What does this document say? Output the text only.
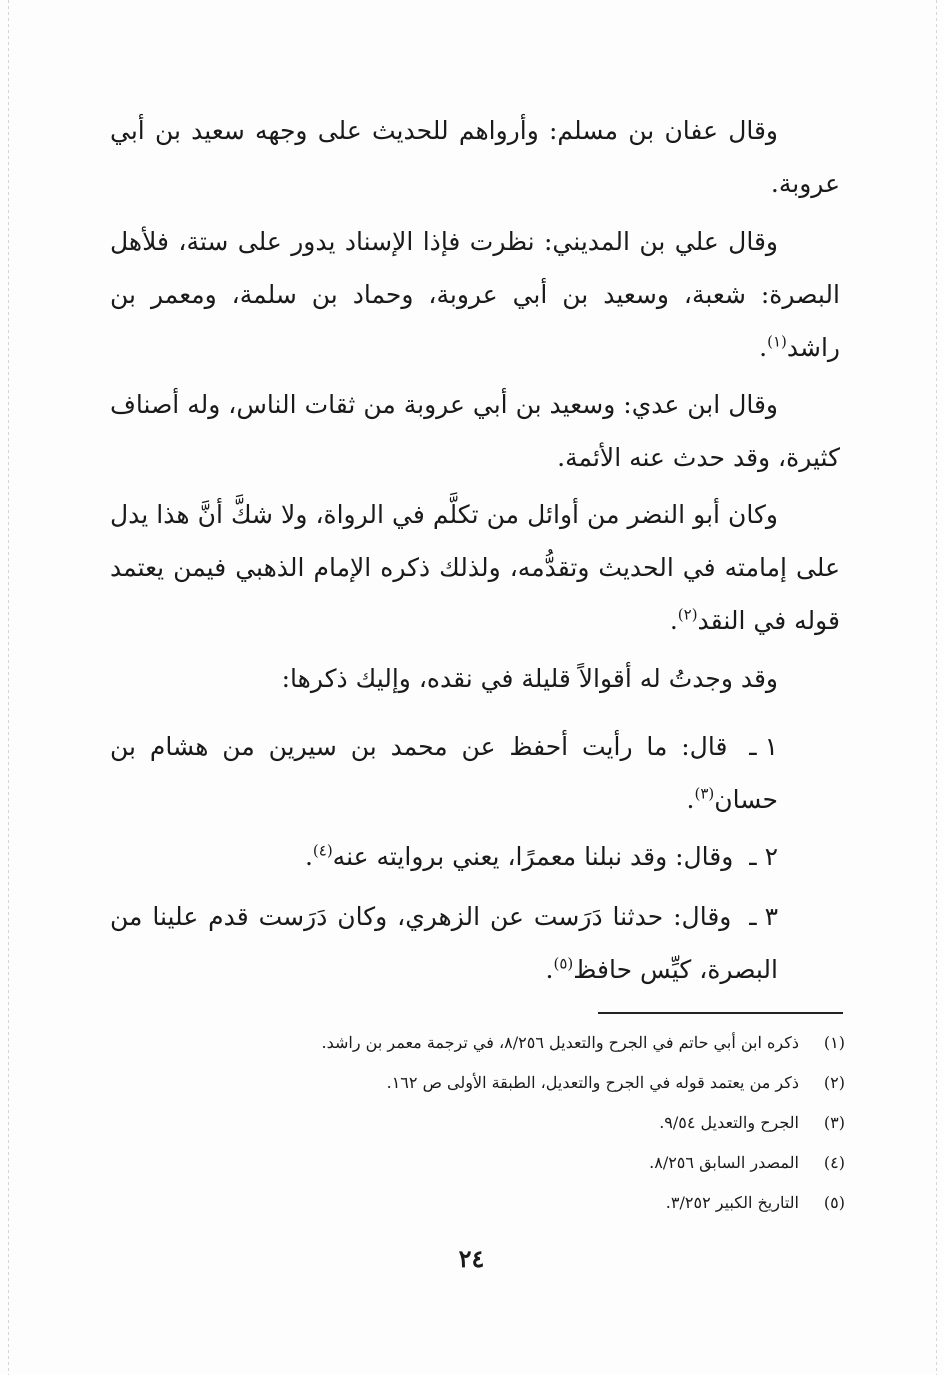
وقال عفان بن مسلم: وأرواهم للحديث على وجهه سعيد بن أبي عروبة.

وقال علي بن المديني: نظرت فإذا الإسناد يدور على ستة، فلأهل البصرة: شعبة، وسعيد بن أبي عروبة، وحماد بن سلمة، ومعمر بن راشد$^{(١)}$.

وقال ابن عدي: وسعيد بن أبي عروبة من ثقات الناس، وله أصناف كثيرة، وقد حدث عنه الأئمة.

وكان أبو النضر من أوائل من تكلَّم في الرواة، ولا شكَّ أنَّ هذا يدل على إمامته في الحديث وتقدُّمه، ولذلك ذكره الإمام الذهبي فيمن يعتمد قوله في النقد$^{(٢)}$.

وقد وجدتُ له أقوالاً قليلة في نقده، وإليك ذكرها:

١ ـ قال: ما رأيت أحفظ عن محمد بن سيرين من هشام بن حسان$^{(٣)}$.

٢ ـ وقال: وقد نبلنا معمرًا، يعني بروايته عنه$^{(٤)}$.

٣ ـ وقال: حدثنا دَرَست عن الزهري، وكان دَرَست قدم علينا من البصرة، كيِّس حافظ$^{(٥)}$.

(١)
ذكره ابن أبي حاتم في الجرح والتعديل ٨/٢٥٦، في ترجمة معمر بن راشد.
(٢)
ذكر من يعتمد قوله في الجرح والتعديل، الطبقة الأولى ص ١٦٢.
(٣)
الجرح والتعديل ٩/٥٤.
(٤)
المصدر السابق ٨/٢٥٦.
(٥)
التاريخ الكبير ٣/٢٥٢.
٢٤
